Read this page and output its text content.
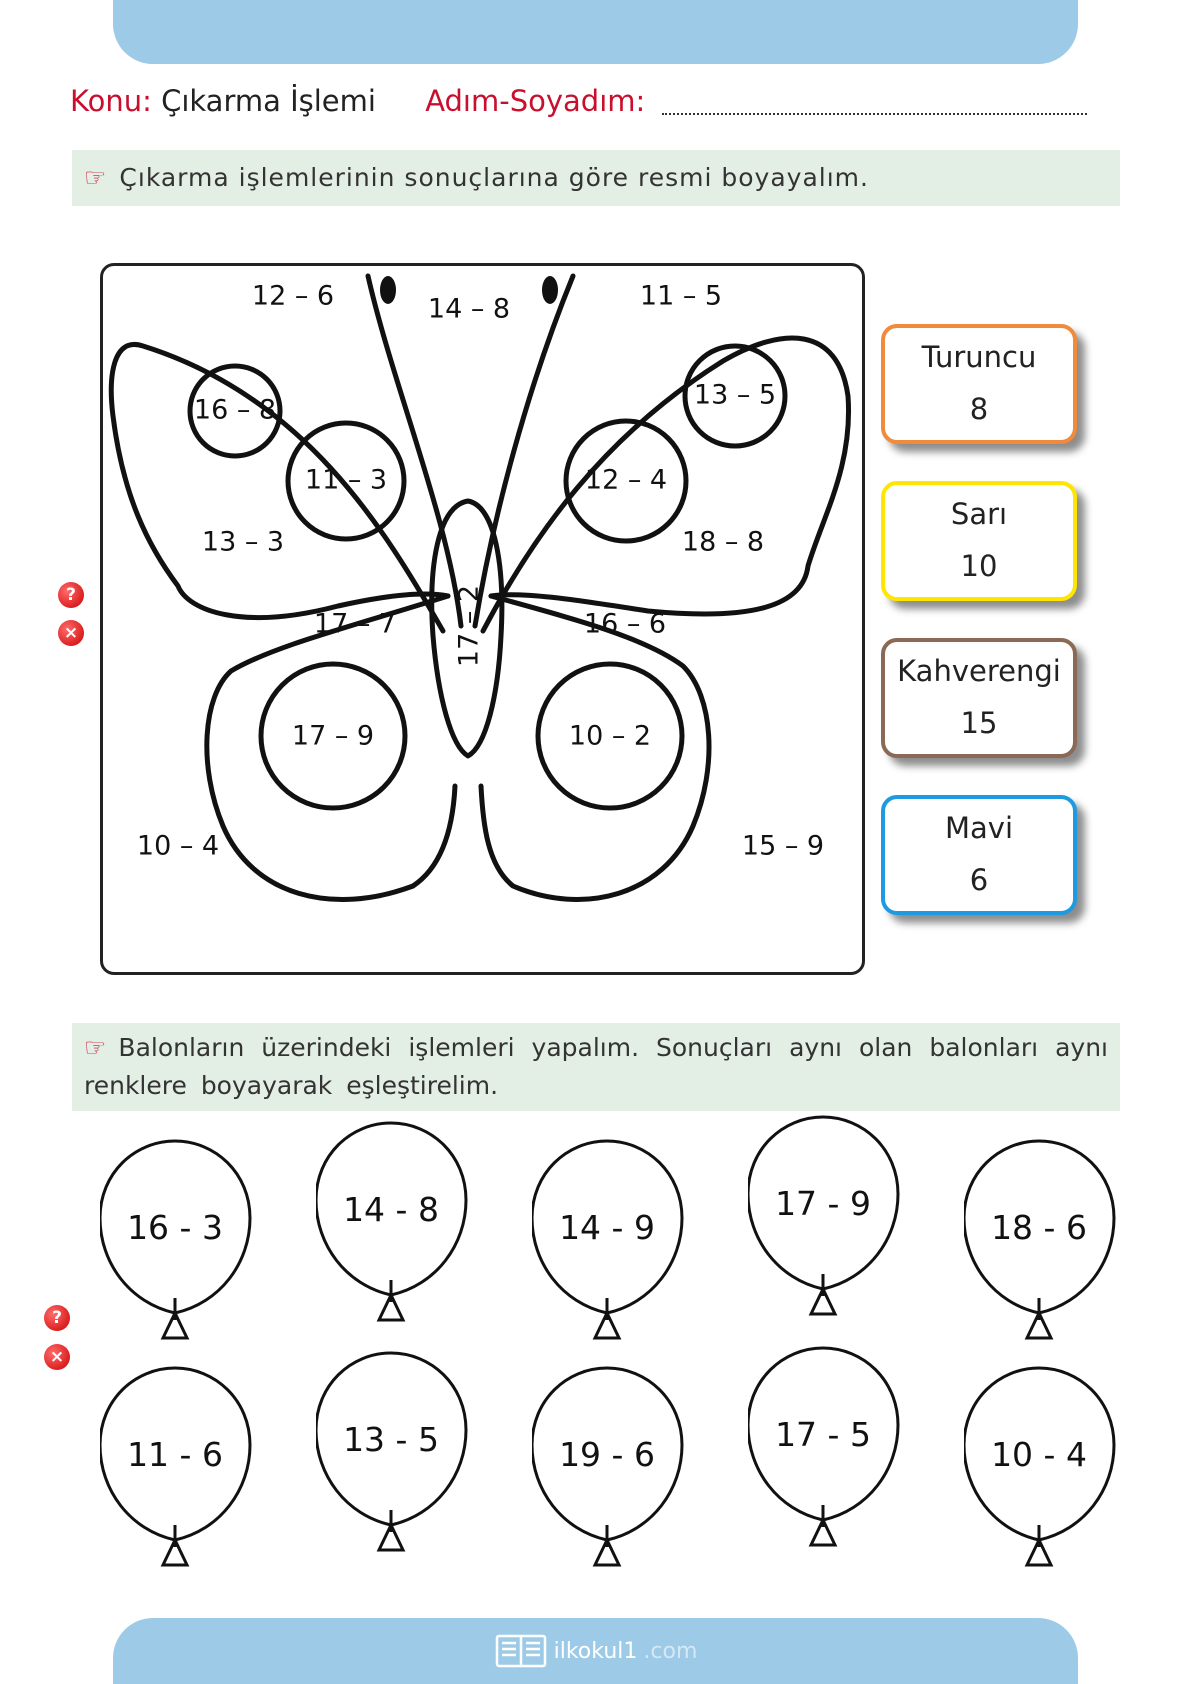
Konu: Çıkarma İşlemi Adım-Soyadım:
☞ Çıkarma işlemlerinin sonuçlarına göre resmi boyayalım.
12 – 6	14 – 8	11 – 5
16 – 8
11 – 3
13 – 3
13 – 5
12 – 4
18 – 8
17 – 2
17 – 7	16 – 6
17 – 9	10 – 2
10 – 4	15 – 9
Turuncu
8
Sarı
10
Kahverengi
15
Mavi
6
?
×
☞ Balonların üzerindeki işlemleri yapalım. Sonuçları aynı olan balonları aynı renklere boyayarak eşleştirelim.
?
×
16 - 3	14 - 8	14 - 9
17 - 9
18 - 6
11 - 6	13 - 5	19 - 6
17 - 5
10 - 4
ilkokul1 .com
